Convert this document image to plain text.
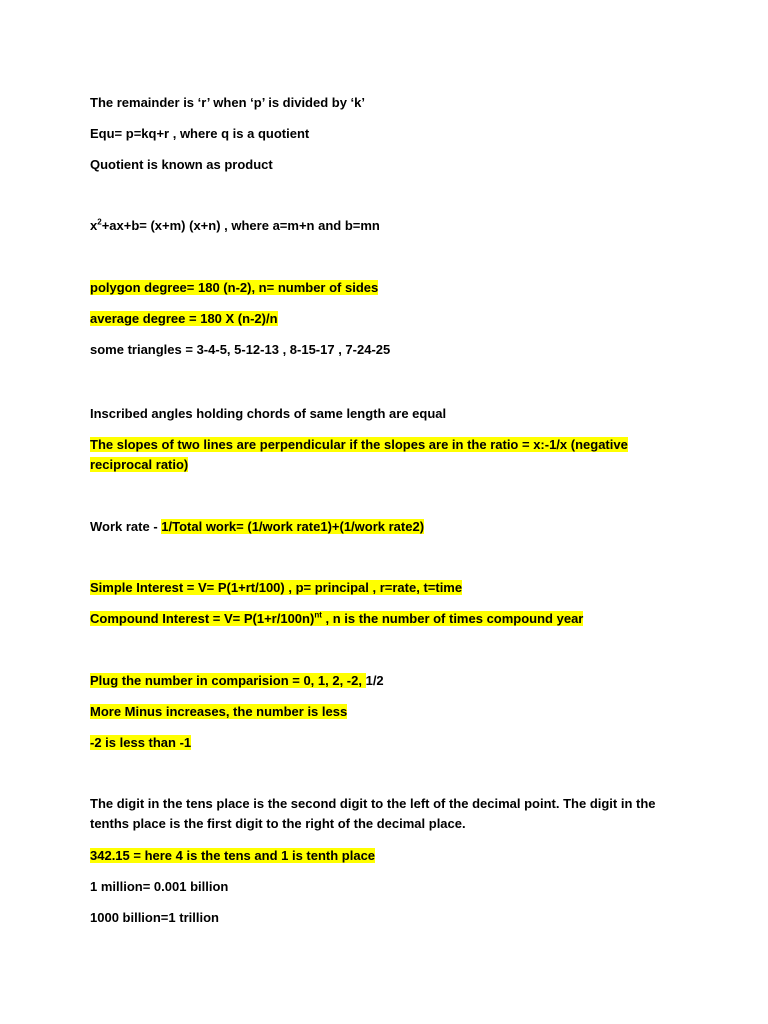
The remainder is ‘r’ when ‘p’ is divided by ‘k’
Equ= p=kq+r , where q is a quotient
Quotient is known as product
$x^2+ax+b= (x+m)$ (x+n) , where a=m+n and b=mn
polygon degree= 180 (n-2), n= number of sides
average degree = 180 X (n-2)/n
some triangles = 3-4-5, 5-12-13 , 8-15-17 , 7-24-25
Inscribed angles holding chords of same length are equal
The slopes of two lines are perpendicular if the slopes are in the ratio = x:-1/x (negative
reciprocal ratio)
Work rate - 1/Total work= (1/work rate1)+(1/work rate2)
Simple Interest = V= P(1+rt/100) , p= principal , r=rate, t=time
Compound Interest = $V= P(1+r/100n)^{nt}$ , n is the number of times compound year
Plug the number in comparision = 0, 1, 2, -2, 1/2
More Minus increases, the number is less
-2 is less than -1
The digit in the tens place is the second digit to the left of the decimal point. The digit in the tenths place is the first digit to the right of the decimal place.
342.15 = here 4 is the tens and 1 is tenth place
1 million= 0.001 billion
1000 billion=1 trillion
